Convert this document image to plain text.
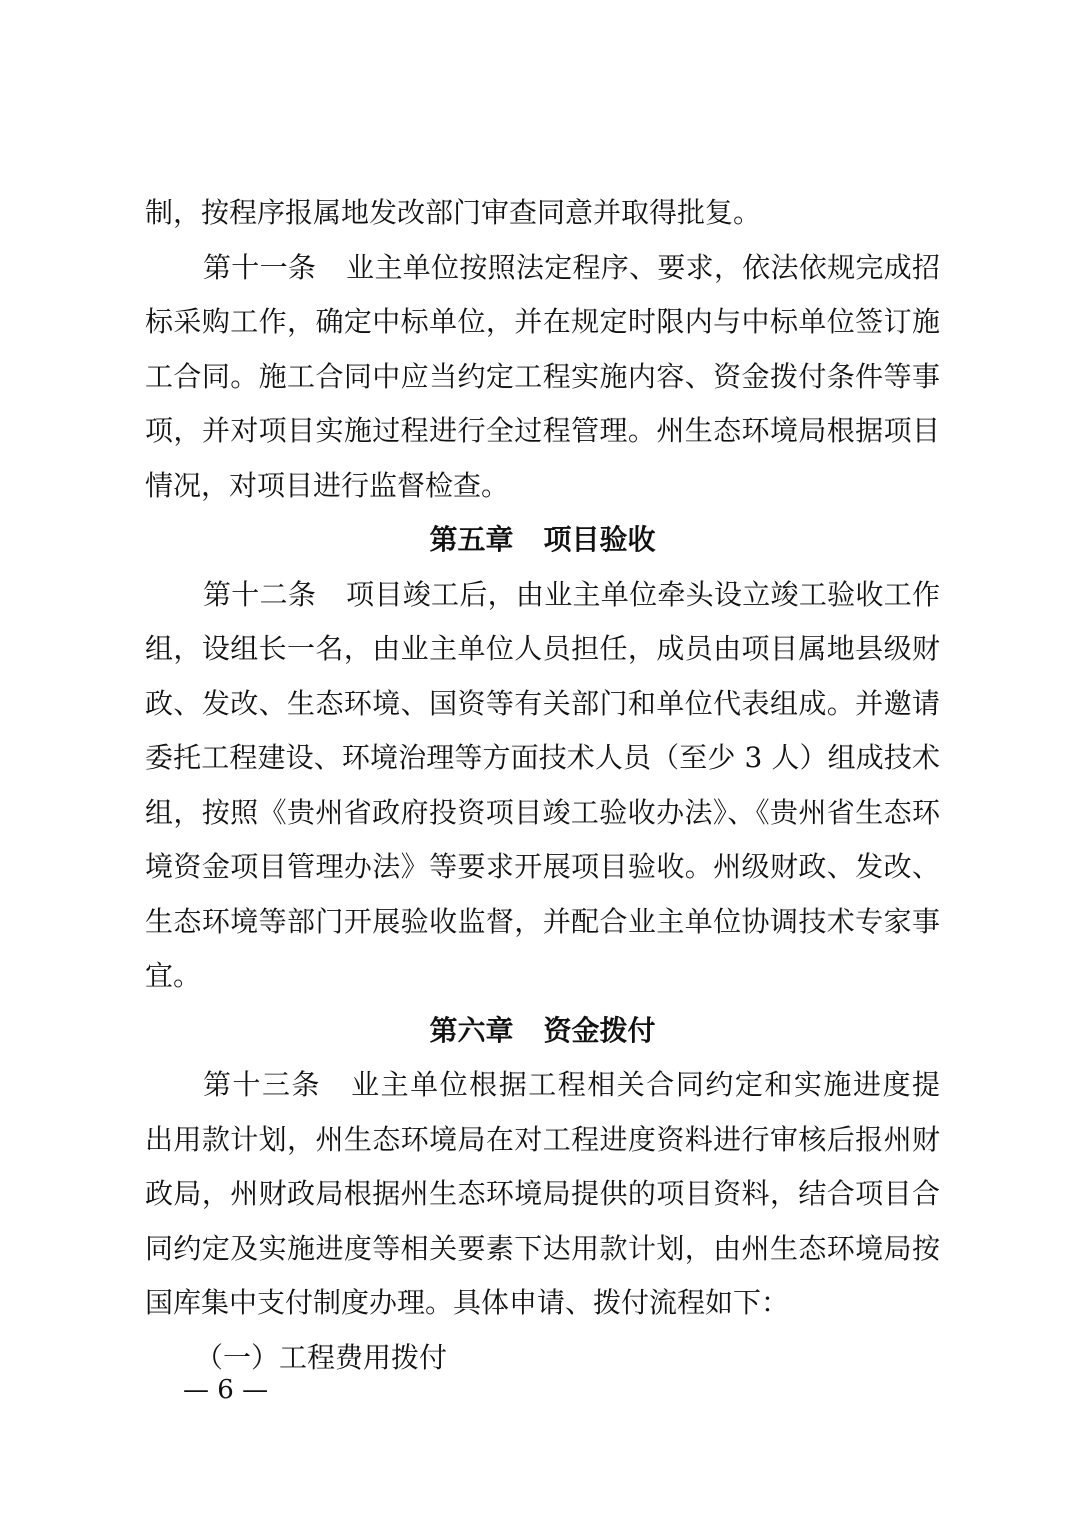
制，按程序报属地发改部门审查同意并取得批复。
第十一条 业主单位按照法定程序、要求，依法依规完成招
标采购工作，确定中标单位，并在规定时限内与中标单位签订施
工合同。施工合同中应当约定工程实施内容、资金拨付条件等事
项，并对项目实施过程进行全过程管理。州生态环境局根据项目
情况，对项目进行监督检查。
第五章 项目验收
第十二条 项目竣工后，由业主单位牵头设立竣工验收工作
组，设组长一名，由业主单位人员担任，成员由项目属地县级财
政、发改、生态环境、国资等有关部门和单位代表组成。并邀请
委托工程建设、环境治理等方面技术人员（至少 3 人）组成技术
组，按照《贵州省政府投资项目竣工验收办法》、《贵州省生态环
境资金项目管理办法》等要求开展项目验收。州级财政、发改、
生态环境等部门开展验收监督，并配合业主单位协调技术专家事
宜。
第六章 资金拨付
第十三条 业主单位根据工程相关合同约定和实施进度提
出用款计划，州生态环境局在对工程进度资料进行审核后报州财
政局，州财政局根据州生态环境局提供的项目资料，结合项目合
同约定及实施进度等相关要素下达用款计划，由州生态环境局按
国库集中支付制度办理。具体申请、拨付流程如下：
（一）工程费用拨付
— 6 —
